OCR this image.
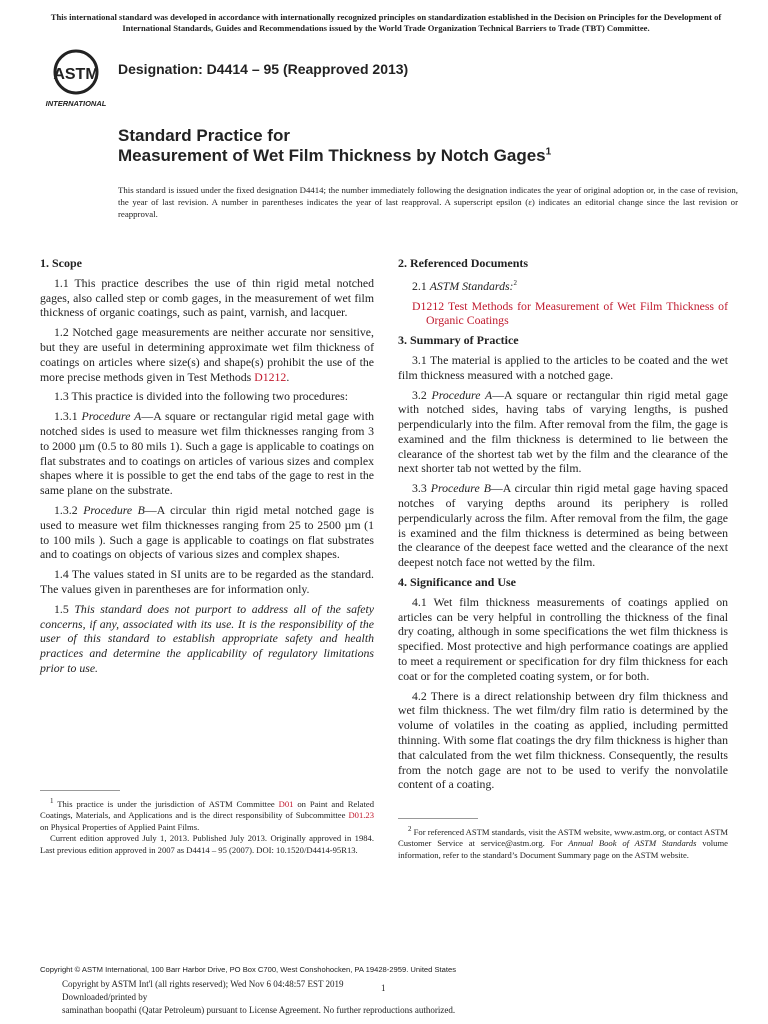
This international standard was developed in accordance with internationally recognized principles on standardization established in the Decision on Principles for the Development of International Standards, Guides and Recommendations issued by the World Trade Organization Technical Barriers to Trade (TBT) Committee.
ASTM
INTERNATIONAL
Designation: D4414 – 95 (Reapproved 2013)
Standard Practice for
Measurement of Wet Film Thickness by Notch Gages$^1$
This standard is issued under the fixed designation D4414; the number immediately following the designation indicates the year of original adoption or, in the case of revision, the year of last revision. A number in parentheses indicates the year of last reapproval. A superscript epsilon (ε) indicates an editorial change since the last revision or reapproval.
1. Scope

1.1 This practice describes the use of thin rigid metal notched gages, also called step or comb gages, in the measurement of wet film thickness of organic coatings, such as paint, varnish, and lacquer.

1.2 Notched gage measurements are neither accurate nor sensitive, but they are useful in determining approximate wet film thickness of coatings on articles where size(s) and shape(s) prohibit the use of the more precise methods given in Test Methods D1212.

1.3 This practice is divided into the following two procedures:

1.3.1 Procedure A—A square or rectangular rigid metal gage with notched sides is used to measure wet film thicknesses ranging from 3 to 2000 µm (0.5 to 80 mils 1). Such a gage is applicable to coatings on flat substrates and to coatings on articles of various sizes and complex shapes where it is possible to get the end tabs of the gage to rest in the same plane on the substrate.

1.3.2 Procedure B—A circular thin rigid metal notched gage is used to measure wet film thicknesses ranging from 25 to 2500 µm (1 to 100 mils ). Such a gage is applicable to coatings on flat substrates and to coatings on objects of various sizes and complex shapes.

1.4 The values stated in SI units are to be regarded as the standard. The values given in parentheses are for information only.

1.5 This standard does not purport to address all of the safety concerns, if any, associated with its use. It is the responsibility of the user of this standard to establish appropriate safety and health practices and determine the applicability of regulatory limitations prior to use.

2. Referenced Documents

2.1 ASTM Standards:$^2$

D1212 Test Methods for Measurement of Wet Film Thickness of Organic Coatings

3. Summary of Practice

3.1 The material is applied to the articles to be coated and the wet film thickness measured with a notched gage.

3.2 Procedure A—A square or rectangular thin rigid metal gage with notched sides, having tabs of varying lengths, is pushed perpendicularly into the film. After removal from the film, the gage is examined and the film thickness is determined to lie between the clearance of the shortest tab wet by the film and the clearance of the next shorter tab not wetted by the film.

3.3 Procedure B—A circular thin rigid metal gage having spaced notches of varying depths around its periphery is rolled perpendicularly across the film. After removal from the film, the gage is examined and the film thickness is determined as being between the clearance of the deepest face wetted and the clearance of the next deepest notch face not wetted by the film.

4. Significance and Use

4.1 Wet film thickness measurements of coatings applied on articles can be very helpful in controlling the thickness of the final dry coating, although in some specifications the wet film thickness is specified. Most protective and high performance coatings are applied to meet a requirement or specification for dry film thickness for each coat or for the completed coating system, or for both.

4.2 There is a direct relationship between dry film thickness and wet film thickness. The wet film/dry film ratio is determined by the volume of volatiles in the coating as applied, including permitted thinning. With some flat coatings the dry film thickness is higher than that calculated from the wet film thickness. Consequently, the results from the notch gage are not to be used to verify the nonvolatile content of a coating.

$^1$ This practice is under the jurisdiction of ASTM Committee D01 on Paint and Related Coatings, Materials, and Applications and is the direct responsibility of Subcommittee D01.23 on Physical Properties of Applied Paint Films.

Current edition approved July 1, 2013. Published July 2013. Originally approved in 1984. Last previous edition approved in 2007 as D4414 – 95 (2007). DOI: 10.1520/D4414-95R13.

$^2$ For referenced ASTM standards, visit the ASTM website, www.astm.org, or contact ASTM Customer Service at service@astm.org. For Annual Book of ASTM Standards volume information, refer to the standard’s Document Summary page on the ASTM website.

Copyright © ASTM International, 100 Barr Harbor Drive, PO Box C700, West Conshohocken, PA 19428-2959. United States
Copyright by ASTM Int'l (all rights reserved); Wed Nov 6 04:48:57 EST 2019
Downloaded/printed by
saminathan boopathi (Qatar Petroleum) pursuant to License Agreement. No further reproductions authorized.
1
